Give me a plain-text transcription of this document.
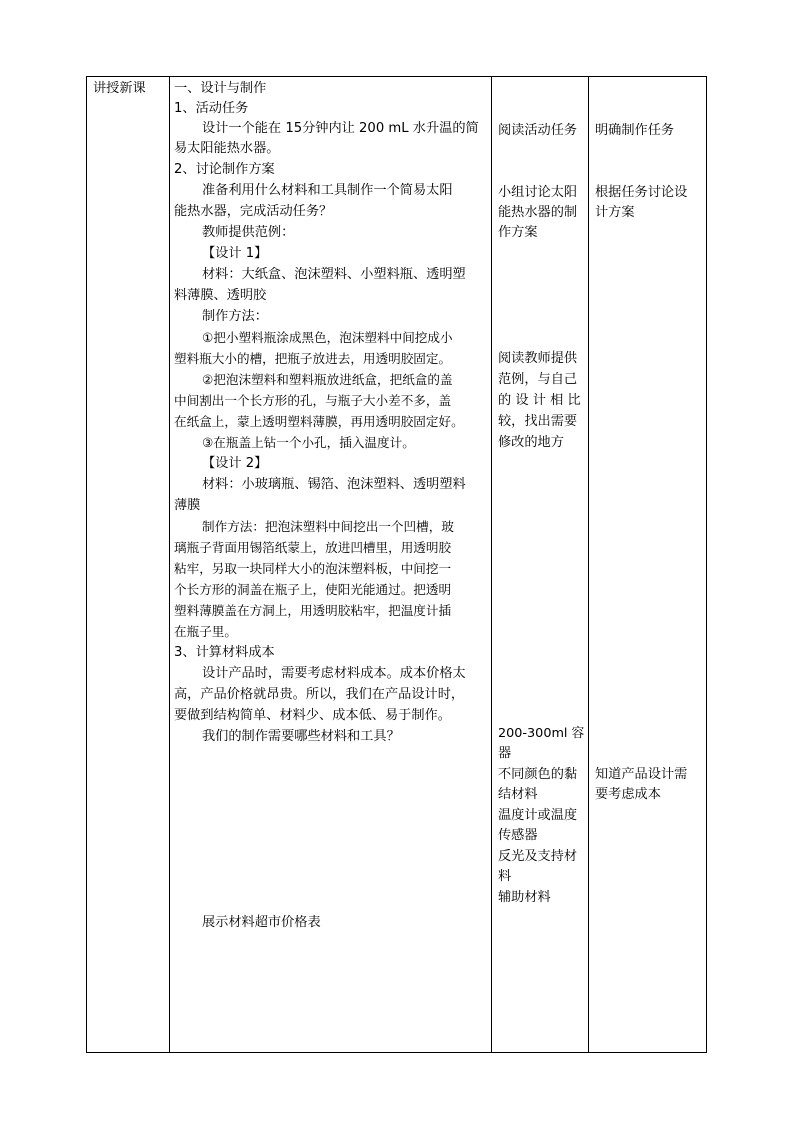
讲授新课 一、设计与制作
1、活动任务
设计一个能在 15分钟内让 200 mL 水升温的简
易太阳能热水器。
2、讨论制作方案
准备利用什么材料和工具制作一个简易太阳
能热水器，完成活动任务？
教师提供范例：
【设计 1】
材料：大纸盒、泡沫塑料、小塑料瓶、透明塑
料薄膜、透明胶
制作方法：
①把小塑料瓶涂成黑色，泡沫塑料中间挖成小
塑料瓶大小的槽，把瓶子放进去，用透明胶固定。
②把泡沫塑料和塑料瓶放进纸盒，把纸盒的盖
中间割出一个长方形的孔，与瓶子大小差不多，盖
在纸盒上，蒙上透明塑料薄膜，再用透明胶固定好。
③在瓶盖上钻一个小孔，插入温度计。
【设计 2】
材料：小玻璃瓶、锡箔、泡沫塑料、透明塑料
薄膜
制作方法：把泡沫塑料中间挖出一个凹槽，玻
璃瓶子背面用锡箔纸蒙上，放进凹槽里，用透明胶
粘牢，另取一块同样大小的泡沫塑料板，中间挖一
个长方形的洞盖在瓶子上，使阳光能通过。把透明
塑料薄膜盖在方洞上，用透明胶粘牢，把温度计插
在瓶子里。
3、计算材料成本
设计产品时，需要考虑材料成本。成本价格太
高，产品价格就昂贵。所以，我们在产品设计时，
要做到结构简单、材料少、成本低、易于制作。
我们的制作需要哪些材料和工具？
展示材料超市价格表
阅读活动任务
小组讨论太阳
能热水器的制
作方案
阅读教师提供
范例，与自己
的 设 计 相 比
较，找出需要
修改的地方
200-300ml 容
器
不同颜色的黏
结材料
温度计或温度
传感器
反光及支持材
料
辅助材料
明确制作任务
根据任务讨论设
计方案
知道产品设计需
要考虑成本
